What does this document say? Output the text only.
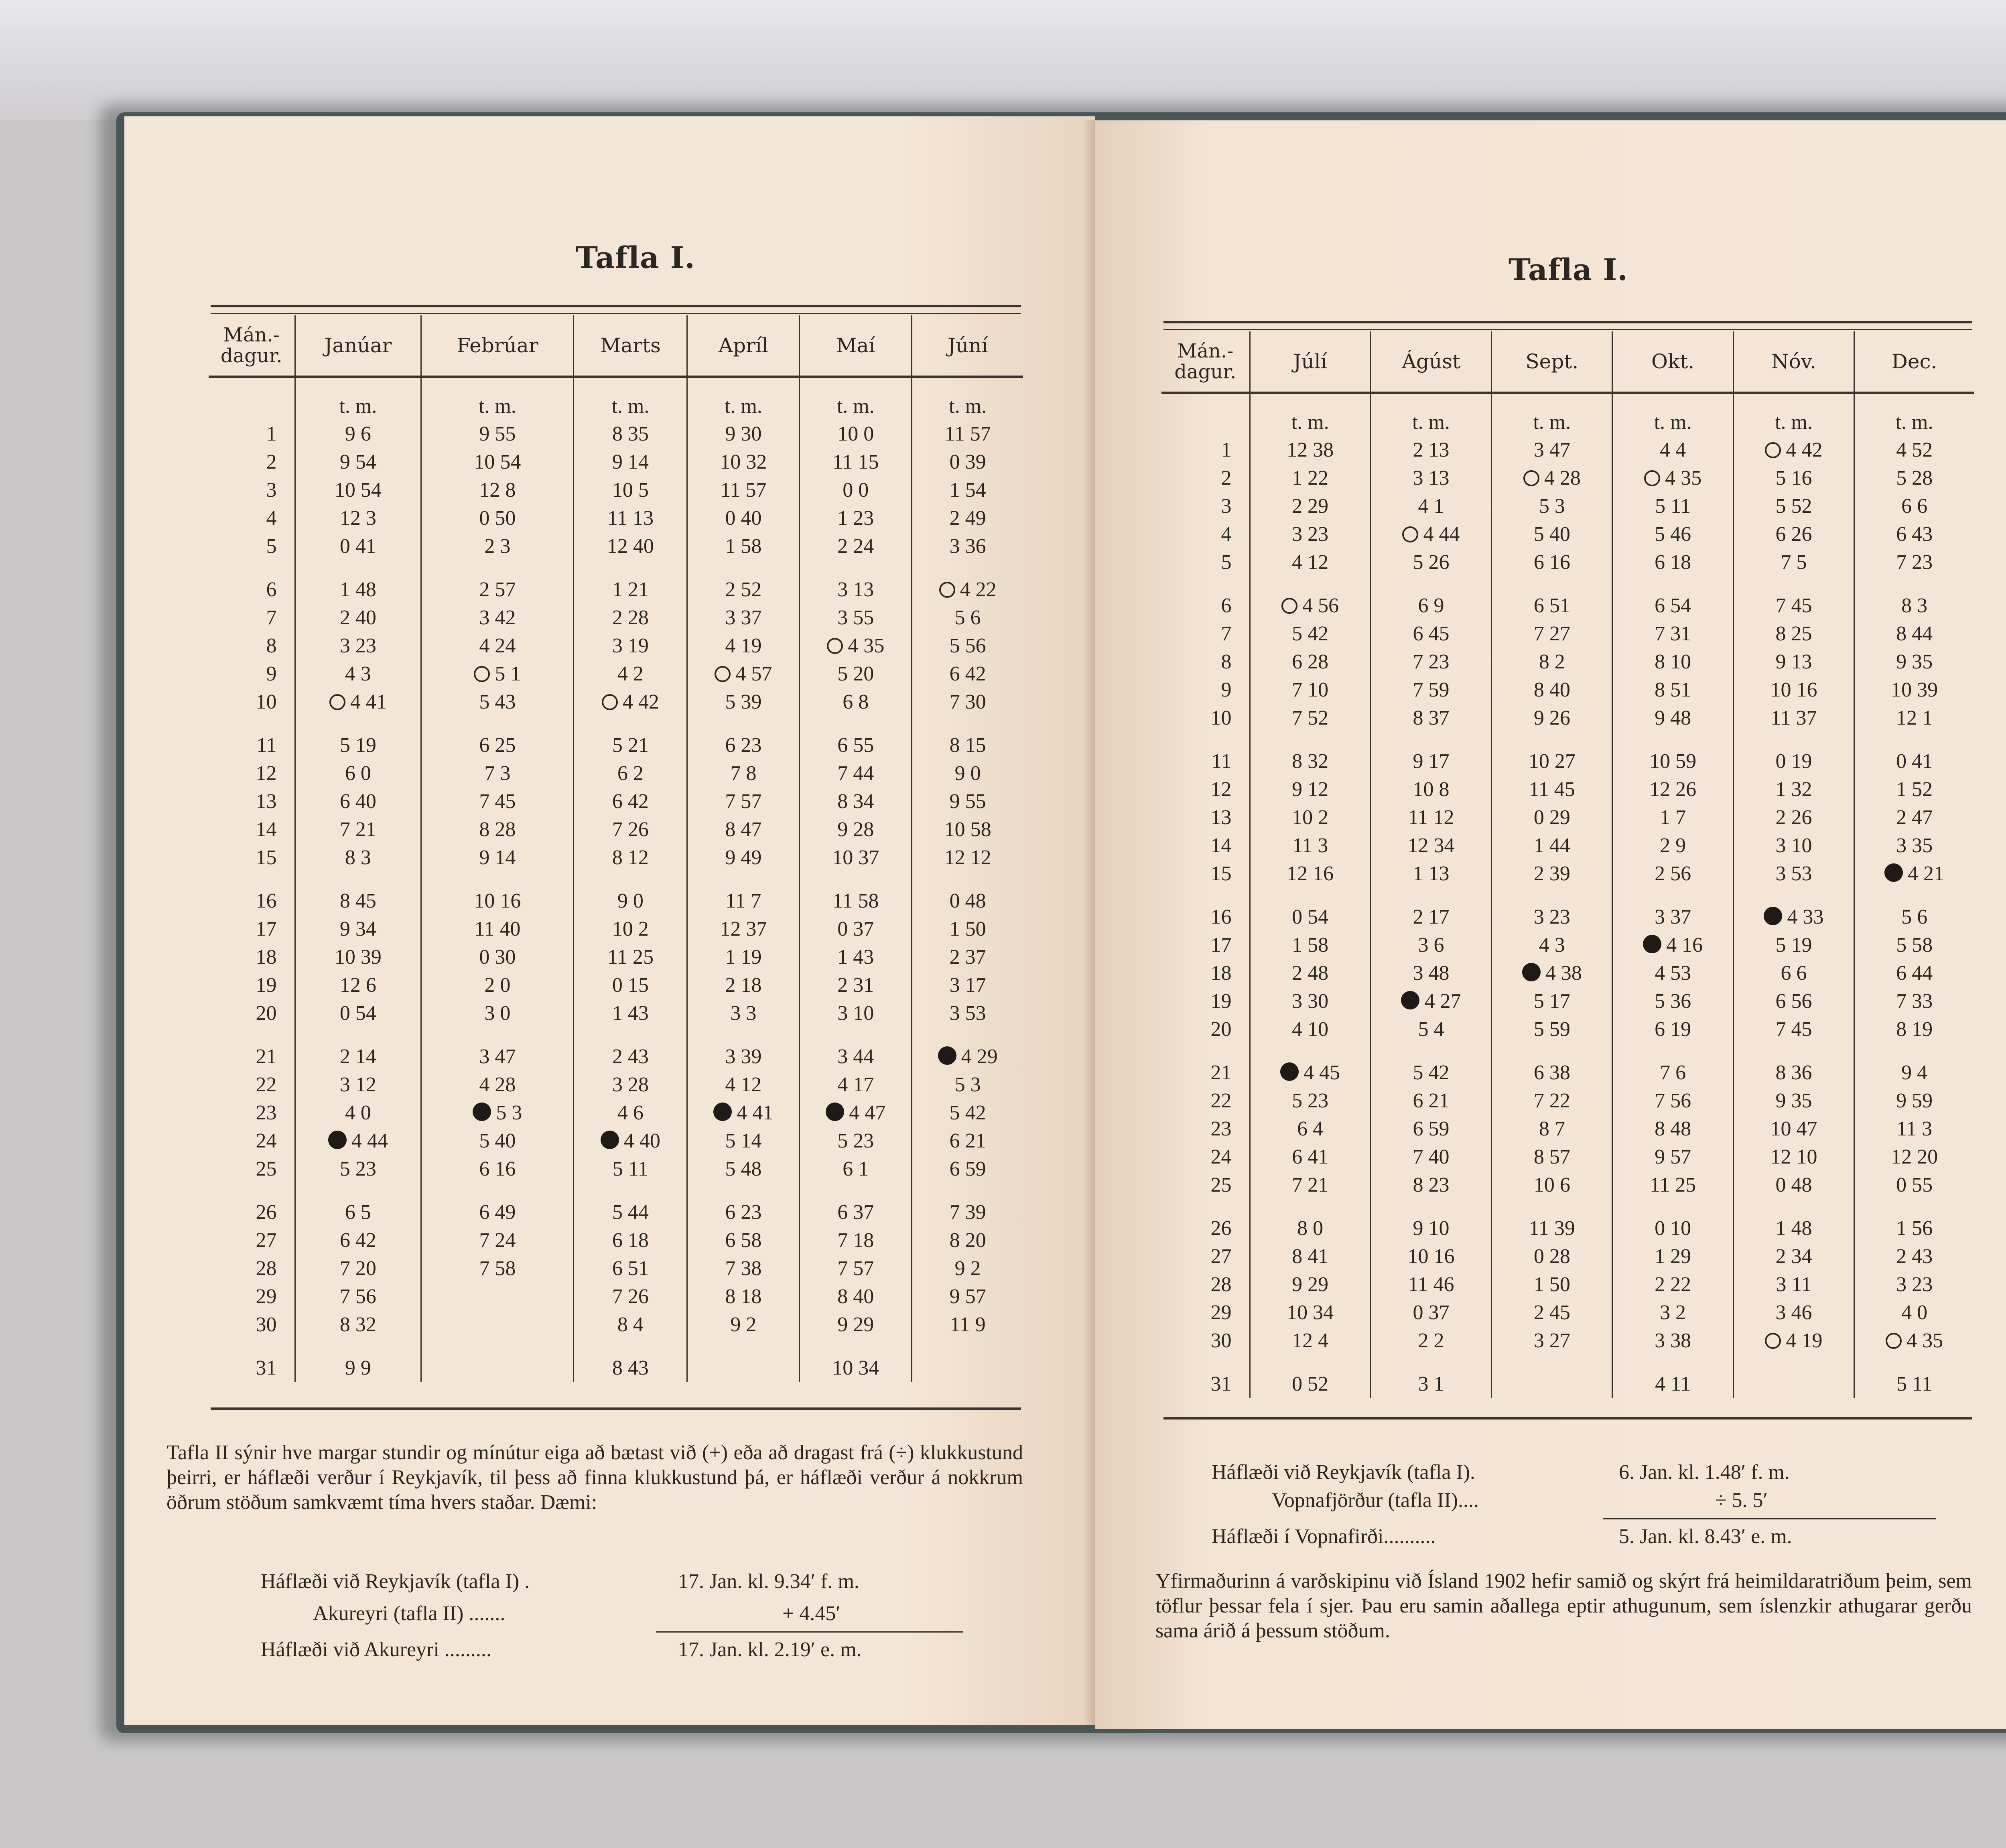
Tafla I.
Mán.-
dagur.	Janúar	Febrúar	Marts	Apríl	Maí	Júní
	t. m.	t. m.	t. m.	t. m.	t. m.	t. m.
1	9 6	9 55	8 35	9 30	10 0	11 57
2	9 54	10 54	9 14	10 32	11 15	0 39
3	10 54	12 8	10 5	11 57	0 0	1 54
4	12 3	0 50	11 13	0 40	1 23	2 49
5	0 41	2 3	12 40	1 58	2 24	3 36
6	1 48	2 57	1 21	2 52	3 13	4 22
7	2 40	3 42	2 28	3 37	3 55	5 6
8	3 23	4 24	3 19	4 19	4 35	5 56
9	4 3	5 1	4 2	4 57	5 20	6 42
10	4 41	5 43	4 42	5 39	6 8	7 30
11	5 19	6 25	5 21	6 23	6 55	8 15
12	6 0	7 3	6 2	7 8	7 44	9 0
13	6 40	7 45	6 42	7 57	8 34	9 55
14	7 21	8 28	7 26	8 47	9 28	10 58
15	8 3	9 14	8 12	9 49	10 37	12 12
16	8 45	10 16	9 0	11 7	11 58	0 48
17	9 34	11 40	10 2	12 37	0 37	1 50
18	10 39	0 30	11 25	1 19	1 43	2 37
19	12 6	2 0	0 15	2 18	2 31	3 17
20	0 54	3 0	1 43	3 3	3 10	3 53
21	2 14	3 47	2 43	3 39	3 44	4 29
22	3 12	4 28	3 28	4 12	4 17	5 3
23	4 0	5 3	4 6	4 41	4 47	5 42
24	4 44	5 40	4 40	5 14	5 23	6 21
25	5 23	6 16	5 11	5 48	6 1	6 59
26	6 5	6 49	5 44	6 23	6 37	7 39
27	6 42	7 24	6 18	6 58	7 18	8 20
28	7 20	7 58	6 51	7 38	7 57	9 2
29	7 56		7 26	8 18	8 40	9 57
30	8 32		8 4	9 2	9 29	11 9
31	9 9		8 43		10 34	
Tafla II sýnir hve margar stundir og mínútur eiga að bætast við (+) eða að dragast frá (÷) klukkustund þeirri, er háflæði verður í Reykjavík, til þess að finna klukkustund þá, er háflæði verður á nokkrum öðrum stöðum samkvæmt tíma hvers staðar. Dæmi:
Háflæði við Reykjavík (tafla I) .	17. Jan. kl. 9.34ʹ f. m.
Akureyri (tafla II) .......	+ 4.45ʹ
Háflæði við Akureyri .........	17. Jan. kl. 2.19ʹ e. m.
Tafla I.
Mán.-
dagur.	Júlí	Ágúst	Sept.	Okt.	Nóv.	Dec.
	t. m.	t. m.	t. m.	t. m.	t. m.	t. m.
1	12 38	2 13	3 47	4 4	4 42	4 52
2	1 22	3 13	4 28	4 35	5 16	5 28
3	2 29	4 1	5 3	5 11	5 52	6 6
4	3 23	4 44	5 40	5 46	6 26	6 43
5	4 12	5 26	6 16	6 18	7 5	7 23
6	4 56	6 9	6 51	6 54	7 45	8 3
7	5 42	6 45	7 27	7 31	8 25	8 44
8	6 28	7 23	8 2	8 10	9 13	9 35
9	7 10	7 59	8 40	8 51	10 16	10 39
10	7 52	8 37	9 26	9 48	11 37	12 1
11	8 32	9 17	10 27	10 59	0 19	0 41
12	9 12	10 8	11 45	12 26	1 32	1 52
13	10 2	11 12	0 29	1 7	2 26	2 47
14	11 3	12 34	1 44	2 9	3 10	3 35
15	12 16	1 13	2 39	2 56	3 53	4 21
16	0 54	2 17	3 23	3 37	4 33	5 6
17	1 58	3 6	4 3	4 16	5 19	5 58
18	2 48	3 48	4 38	4 53	6 6	6 44
19	3 30	4 27	5 17	5 36	6 56	7 33
20	4 10	5 4	5 59	6 19	7 45	8 19
21	4 45	5 42	6 38	7 6	8 36	9 4
22	5 23	6 21	7 22	7 56	9 35	9 59
23	6 4	6 59	8 7	8 48	10 47	11 3
24	6 41	7 40	8 57	9 57	12 10	12 20
25	7 21	8 23	10 6	11 25	0 48	0 55
26	8 0	9 10	11 39	0 10	1 48	1 56
27	8 41	10 16	0 28	1 29	2 34	2 43
28	9 29	11 46	1 50	2 22	3 11	3 23
29	10 34	0 37	2 45	3 2	3 46	4 0
30	12 4	2 2	3 27	3 38	4 19	4 35
31	0 52	3 1		4 11		5 11
Háflæði við Reykjavík (tafla I).	6. Jan. kl. 1.48ʹ f. m.
Vopnafjörður (tafla II)....	÷ 5. 5ʹ
Háflæði í Vopnafirði..........	5. Jan. kl. 8.43ʹ e. m.
Yfirmaðurinn á varðskipinu við Ísland 1902 hefir samið og skýrt frá heimildaratriðum þeim, sem töflur þessar fela í sjer. Þau eru samin aðallega eptir athugunum, sem íslenzkir athugarar gerðu sama árið á þessum stöðum.
